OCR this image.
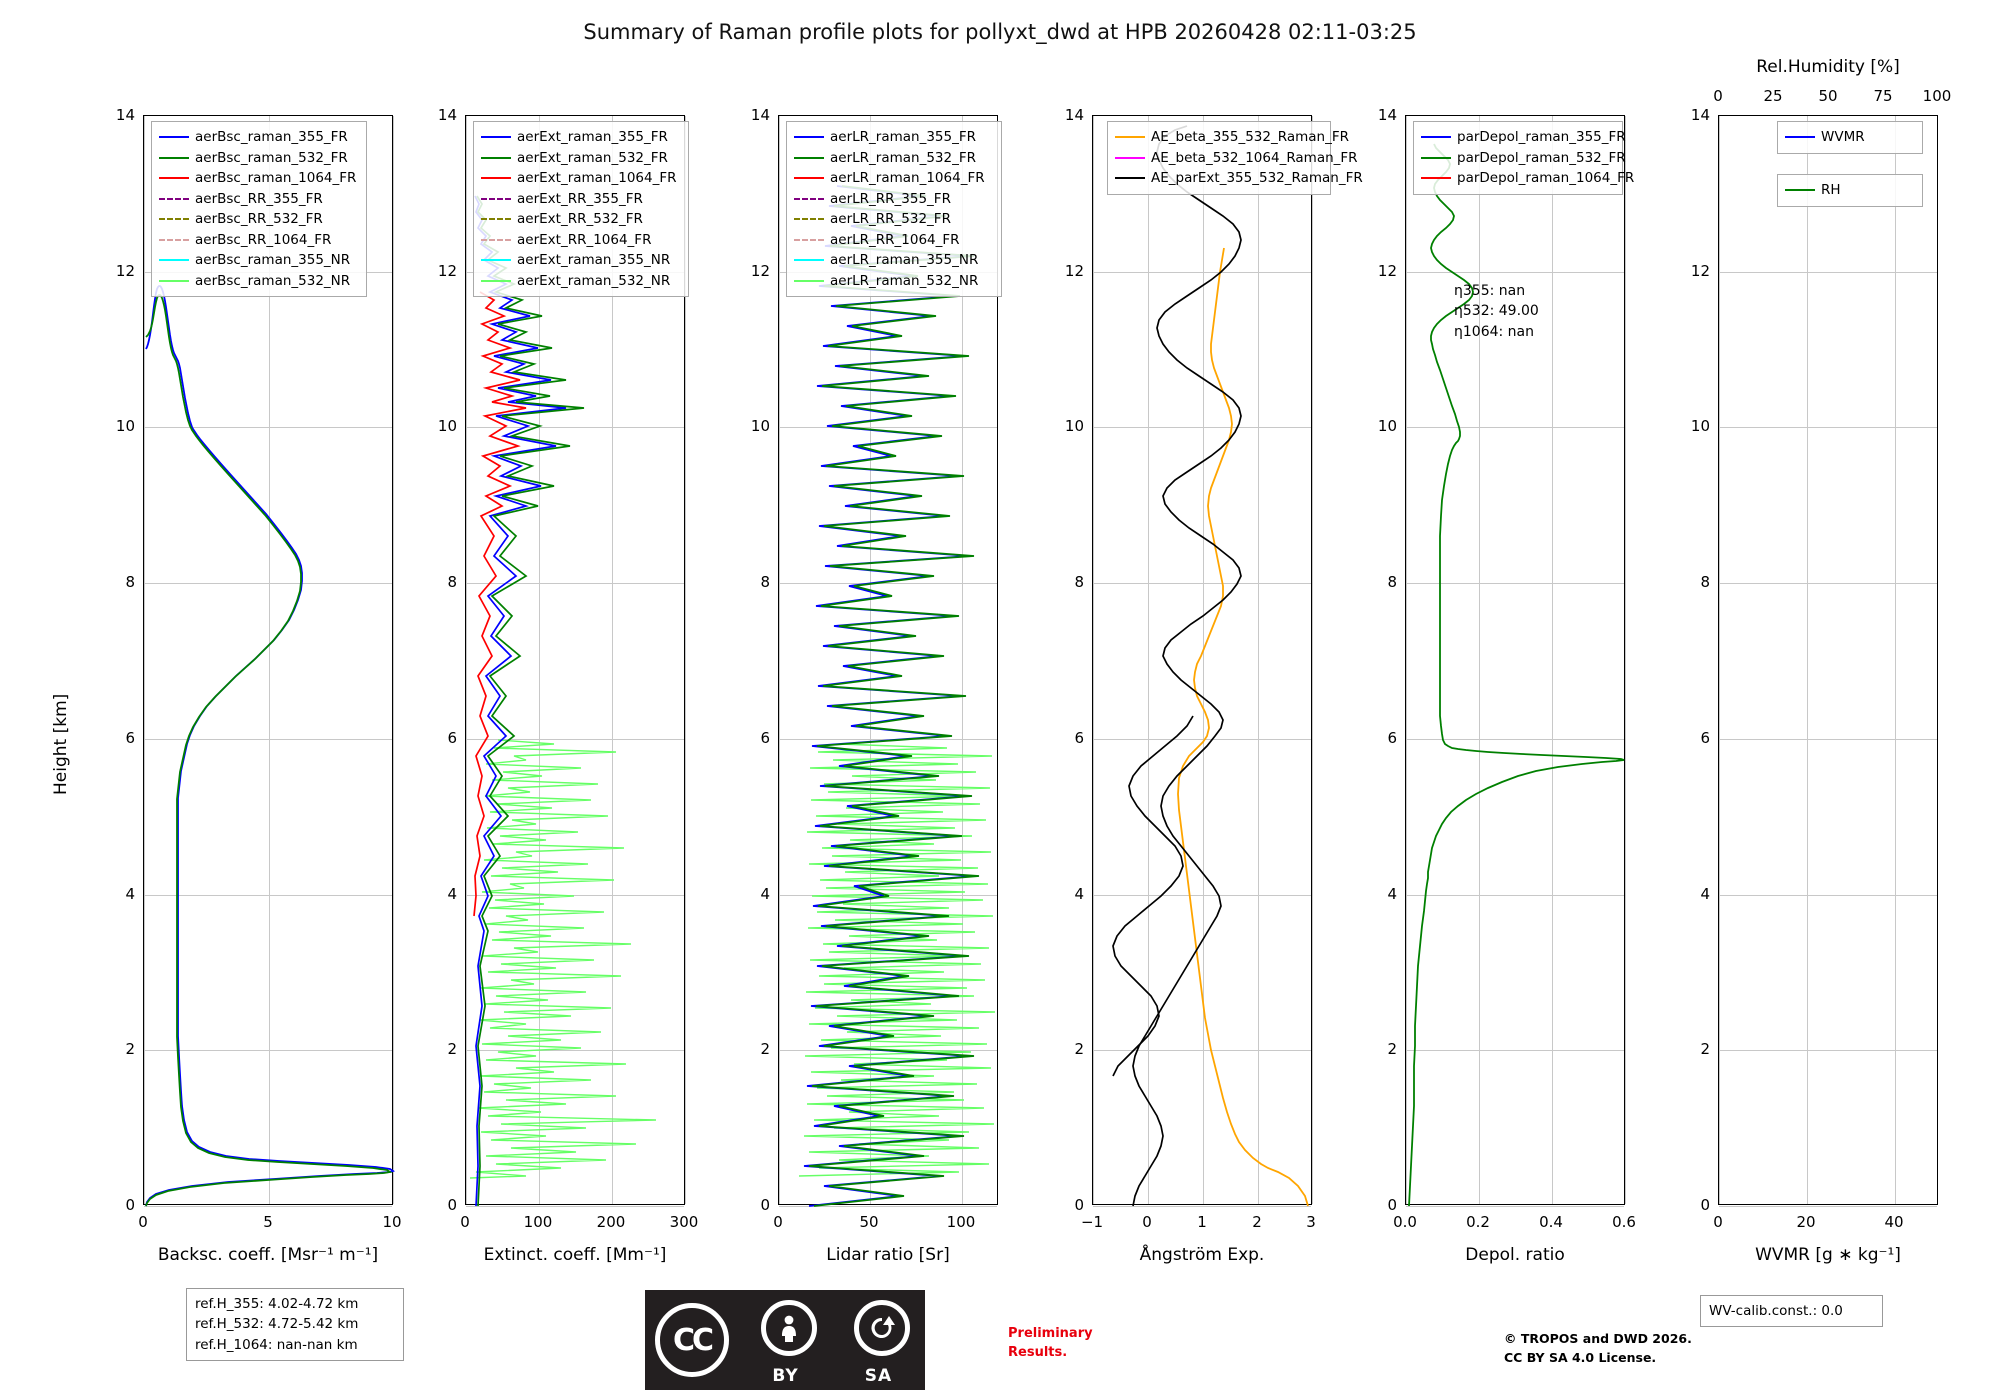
Summary of Raman profile plots for pollyxt_dwd at HPB 20260428 02:11-03:25
aerBsc_raman_355_FR
aerBsc_raman_532_FR
aerBsc_raman_1064_FR
aerBsc_RR_355_FR
aerBsc_RR_532_FR
aerBsc_RR_1064_FR
aerBsc_raman_355_NR
aerBsc_raman_532_NR
0
2
4
6
8
10
12
14
0	5	10
Backsc. coeff. [Msr⁻¹ m⁻¹]
Height [km]
aerExt_raman_355_FR
aerExt_raman_532_FR
aerExt_raman_1064_FR
aerExt_RR_355_FR
aerExt_RR_532_FR
aerExt_RR_1064_FR
aerExt_raman_355_NR
aerExt_raman_532_NR
0
2
4
6
8
10
12
14
0	100	200	300
Extinct. coeff. [Mm⁻¹]
aerLR_raman_355_FR
aerLR_raman_532_FR
aerLR_raman_1064_FR
aerLR_RR_355_FR
aerLR_RR_532_FR
aerLR_RR_1064_FR
aerLR_raman_355_NR
aerLR_raman_532_NR
0
2
4
6
8
10
12
14
0	50	100
Lidar ratio [Sr]
AE_beta_355_532_Raman_FR
AE_beta_532_1064_Raman_FR
AE_parExt_355_532_Raman_FR
0
2
4
6
8
10
12
14
−1	0	1	2	3
Ångström Exp.
parDepol_raman_355_FR
parDepol_raman_532_FR
parDepol_raman_1064_FR
η355: nan
η532: 49.00
η1064: nan
0
2
4
6
8
10
12
14
0.0	0.2	0.4	0.6
Depol. ratio
WVMR
RH
0
2
4
6
8
10
12
14
0	20	40
WVMR [g ∗ kg⁻¹]
0	25 50 75 100
Rel.Humidity [%]
ref.H_355: 4.02-4.72 km
ref.H_532: 4.72-5.42 km
ref.H_1064: nan-nan km
WV-calib.const.: 0.0
CC
BY	SA
Preliminary
Results.
© TROPOS and DWD 2026.
CC BY SA 4.0 License.
